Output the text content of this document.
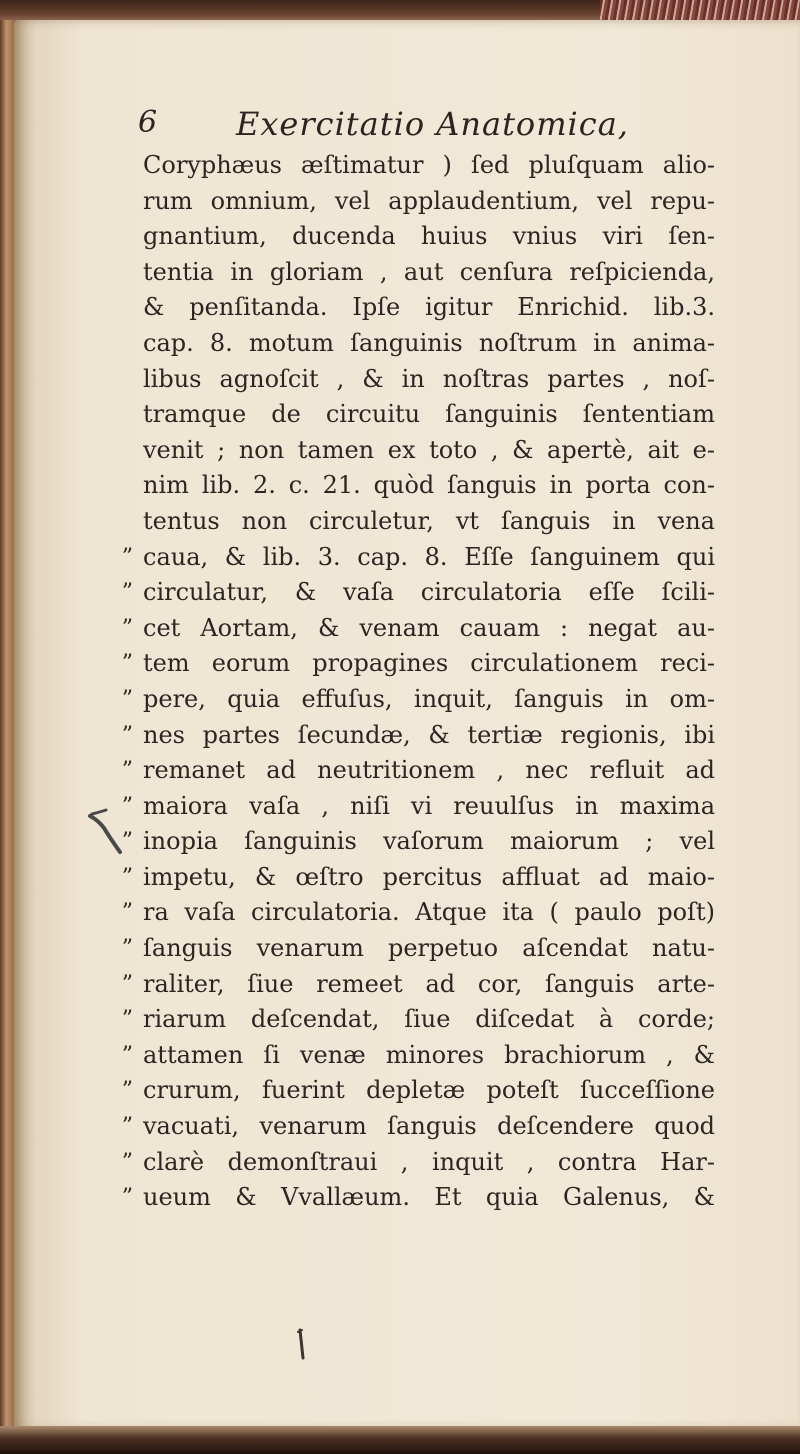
6 Exercitatio Anatomica,
Coryphæus æſtimatur ) ſed pluſquam alio-
rum omnium, vel applaudentium, vel repu-
gnantium, ducenda huius vnius viri ſen-
tentia in gloriam , aut cenſura reſpicienda,
& penſitanda. Ipſe igitur Enrichid. lib.3.
cap. 8. motum ſanguinis noſtrum in anima-
libus agnoſcit , & in noſtras partes , noſ-
tramque de circuitu ſanguinis ſententiam
venit ; non tamen ex toto , & apertè, ait e-
nim lib. 2. c. 21. quòd ſanguis in porta con-
tentus non circuletur, vt ſanguis in vena
” caua, & lib. 3. cap. 8. Eſſe ſanguinem qui
” circulatur, & vaſa circulatoria eſſe ſcili-
” cet Aortam, & venam cauam : negat au-
” tem eorum propagines circulationem reci-
” pere, quia effuſus, inquit, ſanguis in om-
” nes partes ſecundæ, & tertiæ regionis, ibi
” remanet ad neutritionem , nec refluit ad
” maiora vaſa , niſi vi reuulſus in maxima
” inopia ſanguinis vaſorum maiorum ; vel
” impetu, & œſtro percitus affluat ad maio-
” ra vaſa circulatoria. Atque ita ( paulo poſt)
” ſanguis venarum perpetuo aſcendat natu-
” raliter, ſiue remeet ad cor, ſanguis arte-
” riarum deſcendat, ſiue diſcedat à corde;
” attamen ſi venæ minores brachiorum , &
” crurum, fuerint depletæ poteſt ſucceſſione
” vacuati, venarum ſanguis deſcendere quod
” clarè demonſtraui , inquit , contra Har-
” ueum & Vvallæum. Et quia Galenus, &
